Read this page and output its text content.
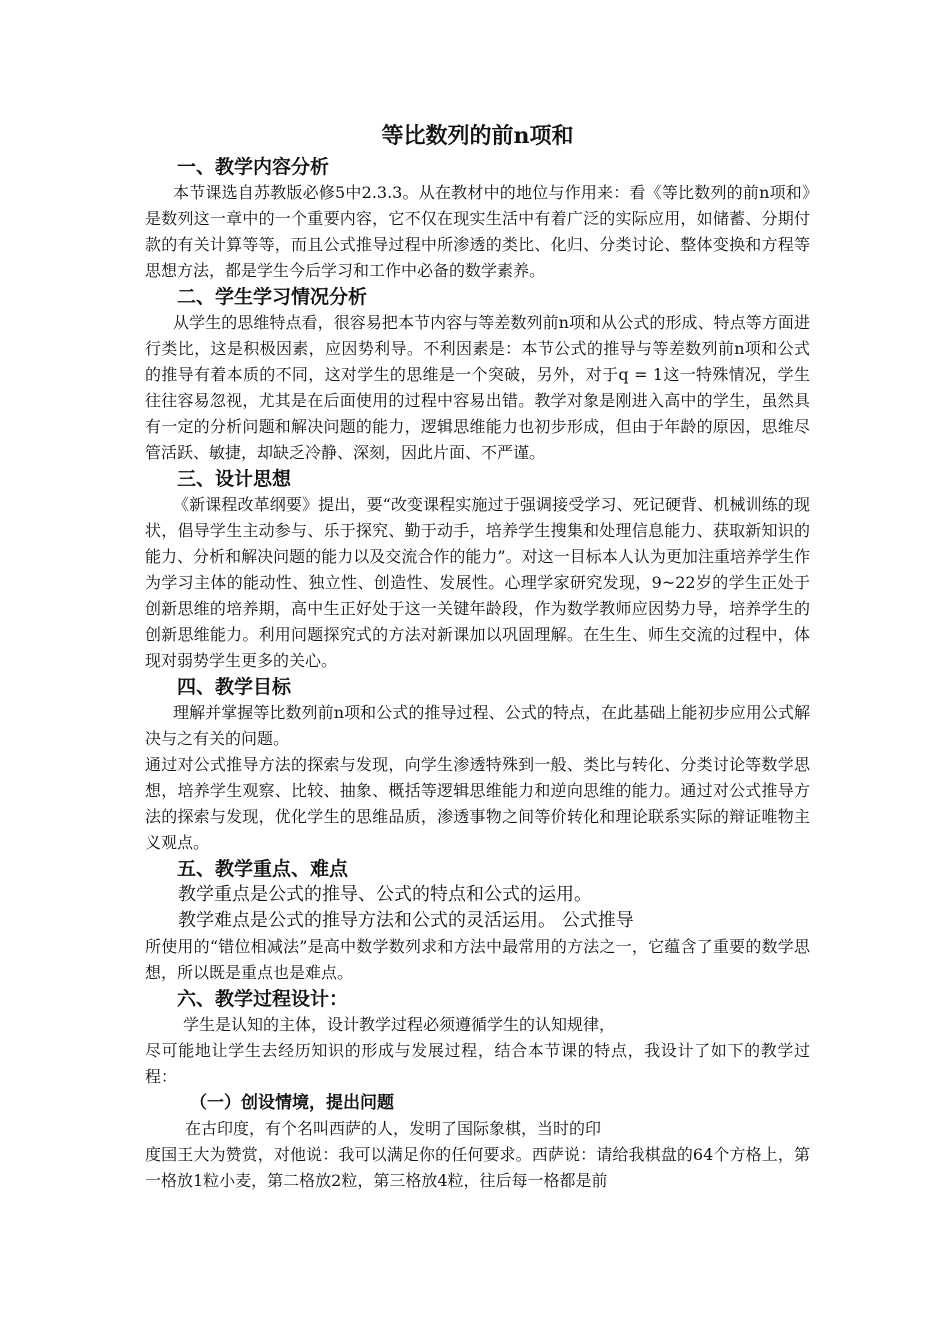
等比数列的前n项和
一、教学内容分析

本节课选自苏教版必修5中2.3.3。从在教材中的地位与作用来：看《等比数列的前n项和》是数列这一章中的一个重要内容，它不仅在现实生活中有着广泛的实际应用，如储蓄、分期付款的有关计算等等，而且公式推导过程中所渗透的类比、化归、分类讨论、整体变换和方程等思想方法，都是学生今后学习和工作中必备的数学素养。

二、学生学习情况分析

从学生的思维特点看，很容易把本节内容与等差数列前n项和从公式的形成、特点等方面进行类比，这是积极因素，应因势利导。不利因素是：本节公式的推导与等差数列前n项和公式的推导有着本质的不同，这对学生的思维是一个突破，另外，对于q = 1这一特殊情况，学生往往容易忽视，尤其是在后面使用的过程中容易出错。教学对象是刚进入高中的学生，虽然具有一定的分析问题和解决问题的能力，逻辑思维能力也初步形成，但由于年龄的原因，思维尽管活跃、敏捷，却缺乏冷静、深刻，因此片面、不严谨。

三、设计思想

《新课程改革纲要》提出，要“改变课程实施过于强调接受学习、死记硬背、机械训练的现状，倡导学生主动参与、乐于探究、勤于动手，培养学生搜集和处理信息能力、获取新知识的能力、分析和解决问题的能力以及交流合作的能力”。对这一目标本人认为更加注重培养学生作为学习主体的能动性、独立性、创造性、发展性。心理学家研究发现，9~22岁的学生正处于创新思维的培养期，高中生正好处于这一关键年龄段，作为数学教师应因势力导，培养学生的创新思维能力。利用问题探究式的方法对新课加以巩固理解。在生生、师生交流的过程中，体现对弱势学生更多的关心。

四、教学目标

理解并掌握等比数列前n项和公式的推导过程、公式的特点，在此基础上能初步应用公式解决与之有关的问题。

通过对公式推导方法的探索与发现，向学生渗透特殊到一般、类比与转化、分类讨论等数学思想，培养学生观察、比较、抽象、概括等逻辑思维能力和逆向思维的能力。通过对公式推导方法的探索与发现，优化学生的思维品质，渗透事物之间等价转化和理论联系实际的辩证唯物主义观点。

五、教学重点、难点

教学重点是公式的推导、公式的特点和公式的运用。

教学难点是公式的推导方法和公式的灵活运用。 公式推导

所使用的“错位相减法”是高中数学数列求和方法中最常用的方法之一，它蕴含了重要的数学思想，所以既是重点也是难点。

六、教学过程设计：

学生是认知的主体，设计教学过程必须遵循学生的认知规律，

尽可能地让学生去经历知识的形成与发展过程，结合本节课的特点，我设计了如下的教学过程：

（一）创设情境，提出问题

在古印度，有个名叫西萨的人，发明了国际象棋，当时的印

度国王大为赞赏，对他说：我可以满足你的任何要求。西萨说：请给我棋盘的64个方格上，第一格放1粒小麦，第二格放2粒，第三格放4粒，往后每一格都是前
